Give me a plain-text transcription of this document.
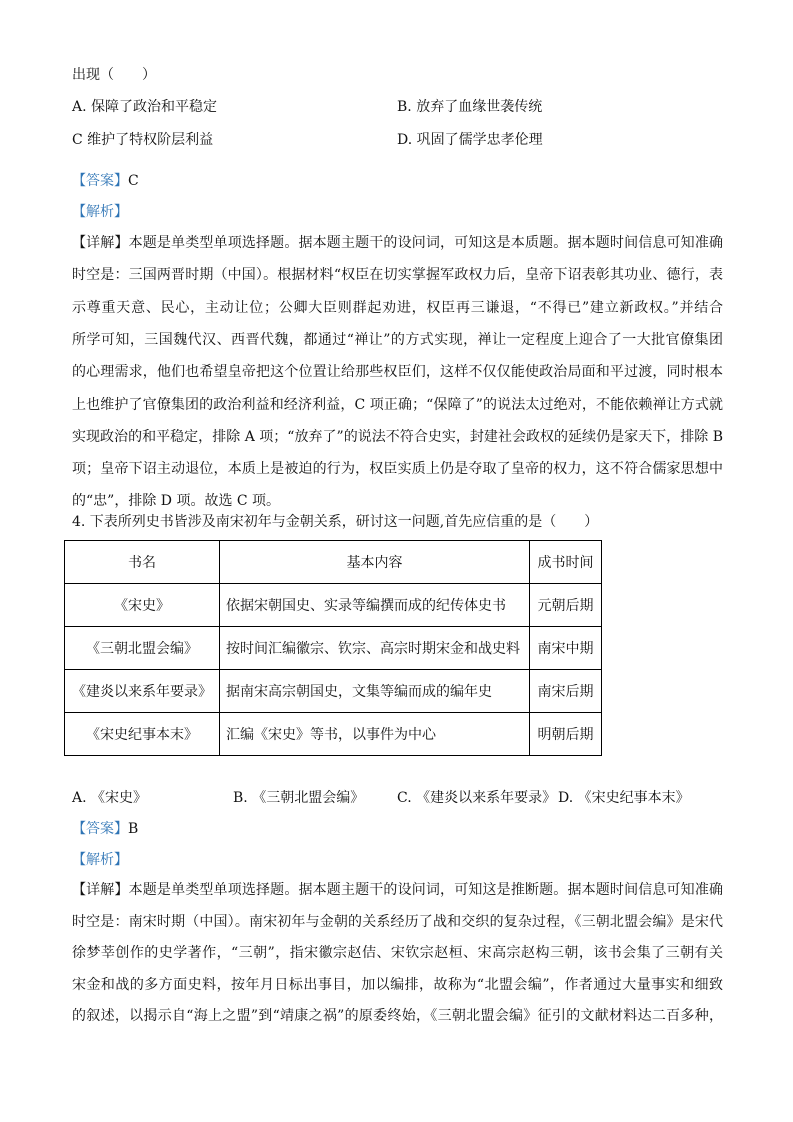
出现（　　）
A. 保障了政治和平稳定	B. 放弃了血缘世袭传统
C 维护了特权阶层利益	D. 巩固了儒学忠孝伦理
【答案】C
【解析】
【详解】本题是单类型单项选择题。据本题主题干的设问词，可知这是本质题。据本题时间信息可知准确
时空是：三国两晋时期（中国）。根据材料“权臣在切实掌握军政权力后，皇帝下诏表彰其功业、德行，表
示尊重天意、民心，主动让位；公卿大臣则群起劝进，权臣再三谦退，“不得已”建立新政权。”并结合
所学可知，三国魏代汉、西晋代魏，都通过“禅让”的方式实现，禅让一定程度上迎合了一大批官僚集团
的心理需求，他们也希望皇帝把这个位置让给那些权臣们，这样不仅仅能使政治局面和平过渡，同时根本
上也维护了官僚集团的政治利益和经济利益，C 项正确；“保障了”的说法太过绝对，不能依赖禅让方式就
实现政治的和平稳定，排除 A 项；“放弃了”的说法不符合史实，封建社会政权的延续仍是家天下，排除 B
项；皇帝下诏主动退位，本质上是被迫的行为，权臣实质上仍是夺取了皇帝的权力，这不符合儒家思想中
的“忠”，排除 D 项。故选 C 项。
4. 下表所列史书皆涉及南宋初年与金朝关系，研讨这一问题,首先应信重的是（　　）
书名	基本内容	成书时间
《宋史》	依据宋朝国史、实录等编撰而成的纪传体史书	元朝后期
《三朝北盟会编》	按时间汇编徽宗、钦宗、高宗时期宋金和战史料	南宋中期
《建炎以来系年要录》	据南宋高宗朝国史，文集等编而成的编年史	南宋后期
《宋史纪事本末》	汇编《宋史》等书，以事件为中心	明朝后期
A. 《宋史》	B. 《三朝北盟会编》 C. 《建炎以来系年要录》 D. 《宋史纪事本末》
【答案】B
【解析】
【详解】本题是单类型单项选择题。据本题主题干的设问词，可知这是推断题。据本题时间信息可知准确
时空是：南宋时期（中国）。南宋初年与金朝的关系经历了战和交织的复杂过程，《三朝北盟会编》是宋代
徐梦莘创作的史学著作，“三朝”，指宋徽宗赵佶、宋钦宗赵桓、宋高宗赵构三朝，该书会集了三朝有关
宋金和战的多方面史料，按年月日标出事目，加以编排，故称为“北盟会编”，作者通过大量事实和细致
的叙述，以揭示自“海上之盟”到“靖康之祸”的原委终始，《三朝北盟会编》征引的文献材料达二百多种，
